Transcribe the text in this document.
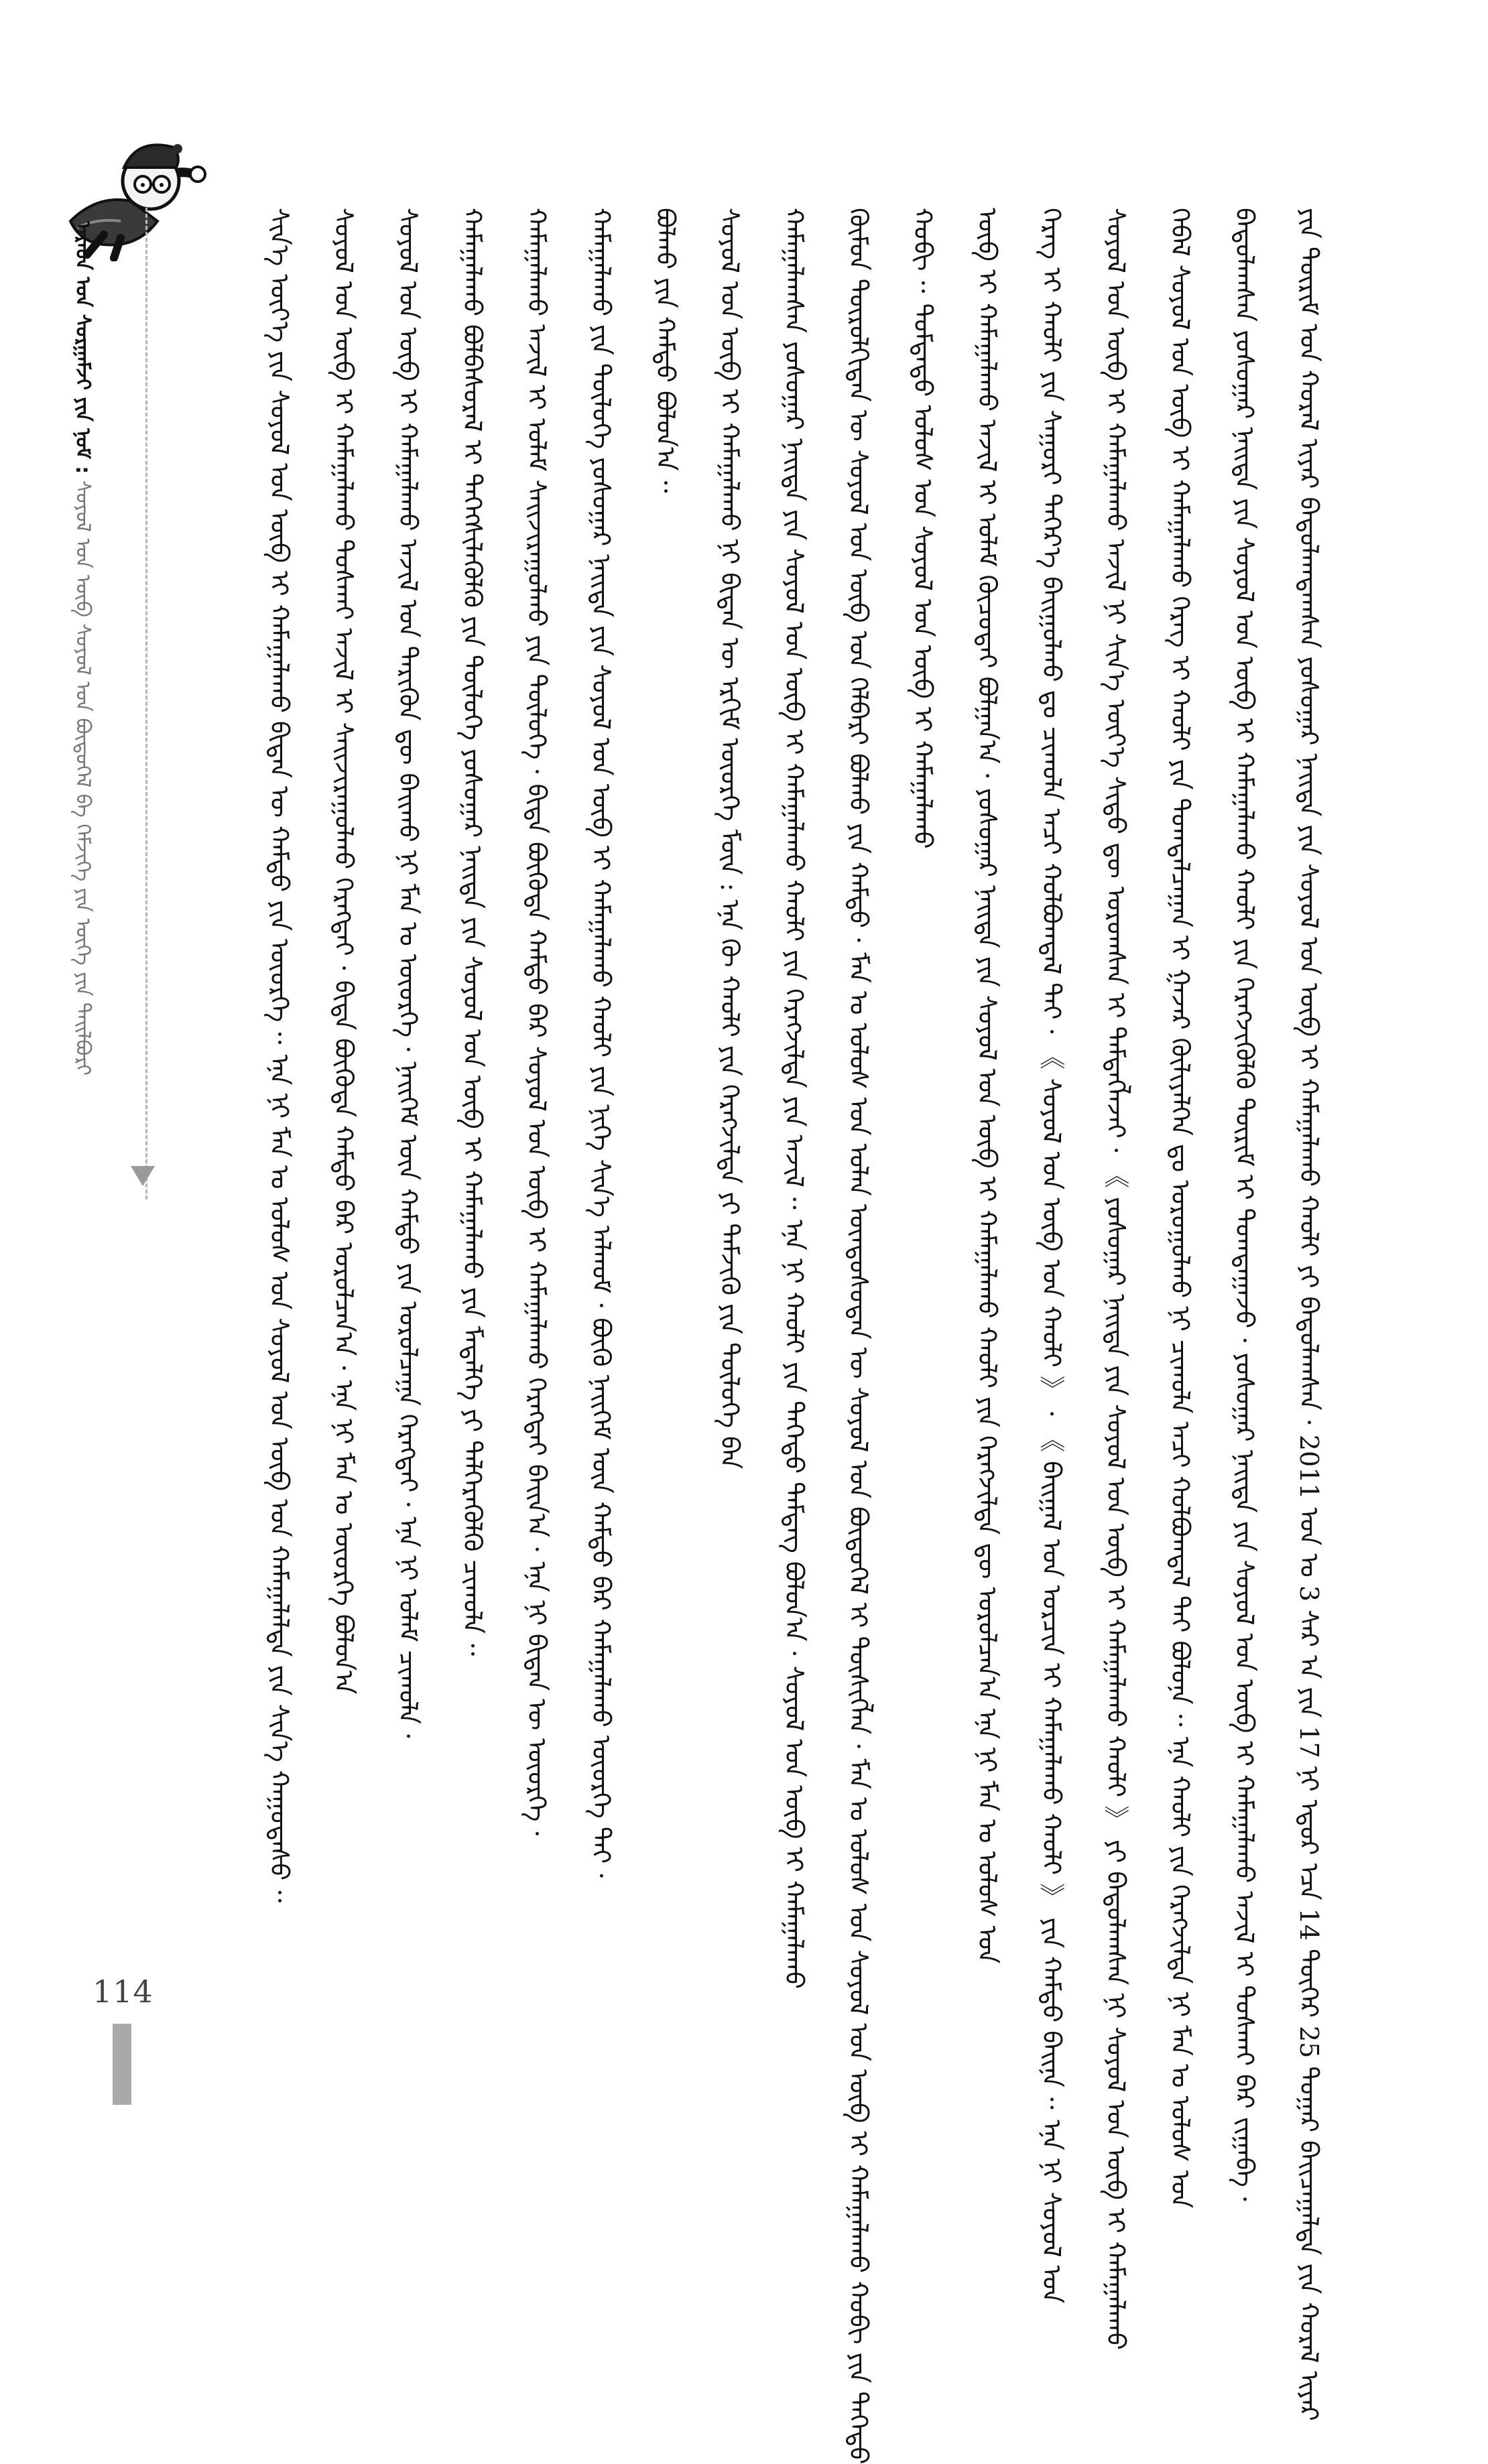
ᠠᠷᠠᠳ ᠤᠨ ᠰᠤᠷᠭᠠᠮᠵᠢ ᠶᠢᠨ ᠨᠣᠮ : ᠰᠣᠶᠣᠯ ᠤᠨ ᠥᠪ ᠰᠣᠶᠣᠯ ᠤᠨ ᠪᠦᠲᠦᠭᠡᠯ ᠪᠠ ᠬᠡᠮᠵᠢᠭᠡ ᠶᠢᠨ ᠦᠭᠡ ᠶᠢᠨ ᠲᠠᠢᠯᠪᠤᠷᠢ	ᠶᠢᠨ ᠳᠦᠷᠢᠮ ᠤᠨ ᠬᠤᠷᠠᠯ ᠢᠶᠠᠷ ᠪᠠᠲᠤᠯᠠᠭᠳᠠᠭᠰᠠᠨ ᠶᠣᠰᠤᠭᠠᠷ ᠨᠡᠢᠲᠡ ᠶᠢᠨ ᠰᠣᠶᠣᠯ ᠤᠨ ᠥᠪ ᠢ ᠬᠠᠮᠠᠭᠠᠯᠠᠬᠤ ᠬᠠᠤᠯᠢ ᠶᠢ ᠪᠠᠲᠤᠯᠠᠭᠰᠠᠨ · 2011 ᠣᠨ ᠤ 3 ᠰᠠᠷ ᠠ ᠶᠢᠨ 17 ᠨᠢ ᠡᠳᠦᠷ ᠡᠴᠡ 14 ᠳᠦᠭᠡᠷ 25 ᠳᠤᠭᠠᠷ ᠪᠠᠢᠴᠠᠭᠠᠯᠲᠠ ᠶᠢᠨ ᠬᠤᠷᠠᠯ ᠢᠶᠠᠷ
ᠪᠠᠲᠤᠯᠠᠭᠰᠠᠨ ᠶᠣᠰᠤᠭᠠᠷ ᠨᠡᠢᠲᠡ ᠶᠢᠨ ᠰᠣᠶᠣᠯ ᠤᠨ ᠥᠪ ᠢ ᠬᠠᠮᠠᠭᠠᠯᠠᠬᠤ ᠬᠠᠤᠯᠢ ᠶᠢᠨ ᠬᠡᠷᠡᠭᠵᠢᠭᠦᠯᠬᠦ ᠳᠦᠷᠢᠮ ᠢ ᠲᠣᠭᠲᠠᠭᠠᠵᠤ · ᠶᠣᠰᠤᠭᠠᠷ ᠨᠡᠢᠲᠡ ᠶᠢᠨ ᠰᠣᠶᠣᠯ ᠤᠨ ᠥᠪ ᠢ ᠬᠠᠮᠠᠭᠠᠯᠠᠬᠤ ᠠᠵᠢᠯ ᠢ ᠲᠤᠰᠬᠠᠢ ᠪᠡᠷ ᠵᠢᠭᠠᠪᠠ ·
ᠬᠡᠪᠡᠯ ᠰᠣᠶᠣᠯ ᠤᠨ ᠥᠪ ᠢ ᠬᠠᠮᠠᠭᠠᠯᠠᠬᠤ ᠬᠡᠷᠡᠭ ᠢ ᠬᠠᠤᠯᠢ ᠶᠢᠨ ᠲᠣᠭᠲᠠᠯᠴᠠᠭᠠᠨ ᠢ ᠭᠠᠵᠠᠷ ᠬᠦᠯᠢᠶᠡᠯᠭᠡᠨ ᠳᠤ ᠣᠷᠣᠭᠤᠯᠬᠤ ᠨᠢ ᠴᠢᠬᠤᠯᠠ ᠠᠴᠢ ᠬᠣᠯᠪᠣᠭᠳᠠᠯ ᠲᠠᠢ ᠪᠣᠯᠤᠨᠠ ·· ᠡᠨᠡ ᠬᠠᠤᠯᠢ ᠶᠢᠨ ᠬᠡᠷᠡᠭᠵᠢᠯᠲᠡ ᠨᠢ ᠮᠠᠨ ᠤ ᠤᠯᠤᠰ ᠤᠨ
ᠰᠣᠶᠣᠯ ᠤᠨ ᠥᠪ ᠢ ᠬᠠᠮᠠᠭᠠᠯᠠᠬᠤ ᠠᠵᠢᠯ ᠨᠢ ᠰᠢᠨ᠎ᠡ ᠦᠶ᠎ᠡ ᠰᠢᠲᠦ ᠳᠦ ᠣᠷᠣᠭᠰᠠᠨ ᠢ ᠲᠡᠮᠳᠡᠭᠯᠡᠵᠡᠢ · 《 ᠶᠣᠰᠤᠭᠠᠷ ᠨᠡᠢᠲᠡ ᠶᠢᠨ ᠰᠣᠶᠣᠯ ᠤᠨ ᠥᠪ ᠢ ᠬᠠᠮᠠᠭᠠᠯᠠᠬᠤ ᠬᠠᠤᠯᠢ 》 ᠶᠢ ᠪᠠᠲᠤᠯᠠᠭᠰᠠᠨ ᠨᠢ ᠰᠣᠶᠣᠯ ᠤᠨ ᠥᠪ ᠢ ᠬᠠᠮᠠᠭᠠᠯᠠᠬᠤ
ᠬᠡᠷᠡᠭ ᠢ ᠬᠠᠤᠯᠢ ᠶᠢᠨ ᠰᠠᠭᠤᠷᠢ ᠳᠡᠭᠡᠷ᠎ᠡ ᠪᠠᠢᠭᠤᠯᠬᠤ ᠳᠤ ᠴᠢᠬᠤᠯᠠ ᠠᠴᠢ ᠬᠣᠯᠪᠣᠭᠳᠠᠯ ᠲᠠᠢ · 《 ᠰᠣᠶᠣᠯ ᠤᠨ ᠥᠪ ᠤᠨ ᠬᠠᠤᠯᠢ 》 · 《 ᠪᠠᠢᠭᠠᠯ ᠤᠨ ᠣᠷᠴᠢᠨ ᠢ ᠬᠠᠮᠠᠭᠠᠯᠠᠬᠤ ᠬᠠᠤᠯᠢ 》 ᠶᠢᠨ ᠬᠠᠮᠲᠤ ᠪᠠᠢᠨᠠ ·· ᠡᠨᠡ ᠨᠢ ᠰᠣᠶᠣᠯ ᠤᠨ
ᠥᠪ ᠢ ᠬᠠᠮᠠᠭᠠᠯᠠᠬᠤ ᠠᠵᠢᠯ ᠢ ᠤᠯᠠᠮ ᠬᠦᠴᠦᠲᠡᠢ ᠪᠣᠯᠭᠠᠨ᠎ᠠ · ᠶᠣᠰᠤᠭᠠᠷ ᠨᠡᠢᠲᠡ ᠶᠢᠨ ᠰᠣᠶᠣᠯ ᠤᠨ ᠥᠪ ᠢ ᠬᠠᠮᠠᠭᠠᠯᠠᠬᠤ ᠬᠠᠤᠯᠢ ᠶᠢᠨ ᠬᠡᠷᠡᠭᠵᠢᠯᠲᠡ ᠳᠦ ᠣᠷᠣᠯᠴᠠᠨ᠎ᠠ ᠡᠨᠡ ᠨᠢ ᠮᠠᠨ ᠤ ᠤᠯᠤᠰ ᠤᠨ
ᠬᠤᠪᠢ ·· ᠳᠤᠮᠳᠠᠳᠤ ᠤᠯᠤᠰ ᠤᠨ ᠰᠣᠶᠣᠯ ᠤᠨ ᠥᠪ ᠢ ᠬᠠᠮᠠᠭᠠᠯᠠᠬᠤ
ᠬᠦᠮᠦᠨ ᠲᠥᠷᠥᠯᠬᠢᠲᠡᠨ ᠦ ᠰᠣᠶᠣᠯ ᠤᠨ ᠥᠪ ᠤᠨ ᠬᠡᠯᠪᠡᠷᠢ ᠪᠣᠯᠬᠤ ᠶᠢᠨ ᠬᠠᠮᠲᠤ · ᠮᠠᠨ ᠤ ᠤᠯᠤᠰ ᠤᠨ ᠣᠯᠠᠨ ᠦᠨᠳᠦᠰᠦᠲᠡᠨ ᠦ ᠰᠣᠶᠣᠯ ᠤᠨ ᠪᠦᠲᠦᠭᠡᠯ ᠢ ᠲᠦᠰᠢᠭᠯᠡᠨ · ᠮᠠᠨ ᠤ ᠤᠯᠤᠰ ᠤᠨ ᠰᠣᠶᠣᠯ ᠤᠨ ᠥᠪ ᠢ ᠬᠠᠮᠠᠭᠠᠯᠠᠬᠤ ᠬᠤᠪᠢ ᠶᠢᠨ ᠳᠡᠭᠡᠳᠦ
ᠬᠠᠮᠠᠭᠠᠯᠠᠭᠰᠠᠨ ᠶᠣᠰᠤᠭᠠᠷ ᠨᠡᠢᠲᠡ ᠶᠢᠨ ᠰᠣᠶᠣᠯ ᠤᠨ ᠥᠪ ᠢ ᠬᠠᠮᠠᠭᠠᠯᠠᠬᠤ ᠬᠠᠤᠯᠢ ᠶᠢᠨ ᠬᠡᠷᠡᠭᠵᠢᠯᠲᠡ ᠶᠢᠨ ᠠᠵᠢᠯ ·· ᠡᠨᠡ ᠨᠢ ᠬᠠᠤᠯᠢ ᠶᠢᠨ ᠳᠡᠭᠡᠳᠦ ᠲᠡᠮᠳᠡᠭ ᠪᠣᠯᠤᠨ᠎ᠠ · ᠰᠣᠶᠣᠯ ᠤᠨ ᠥᠪ ᠢ ᠬᠠᠮᠠᠭᠠᠯᠠᠬᠤ
ᠰᠣᠶᠣᠯ ᠤᠨ ᠥᠪ ᠢ ᠬᠠᠮᠠᠭᠠᠯᠠᠬᠤ ᠨᠢ ᠪᠢᠳᠡᠨ ᠦ ᠡᠷᠬᠢᠮ ᠦᠦᠷᠭᠡ ᠮᠥᠨ : ᠡᠨᠡ ᠬᠦ ᠬᠠᠤᠯᠢ ᠶᠢᠨ ᠬᠡᠷᠡᠭᠵᠢᠯᠲᠡ ᠶᠢ ᠳᠡᠮᠵᠢᠬᠦ ᠶᠢᠨ ᠲᠥᠯᠥᠭᠡ ᠪᠠᠨ
ᠪᠣᠯᠬᠤ ᠶᠢᠨ ᠬᠠᠮᠲᠤ ᠪᠣᠯᠤᠨ᠎ᠠ ··
ᠬᠠᠮᠠᠭᠠᠯᠠᠬᠤ ᠶᠢᠨ ᠲᠥᠯᠥᠭᠡ ᠶᠣᠰᠤᠭᠠᠷ ᠨᠡᠢᠲᠡ ᠶᠢᠨ ᠰᠣᠶᠣᠯ ᠤᠨ ᠥᠪ ᠢ ᠬᠠᠮᠠᠭᠠᠯᠠᠬᠤ ᠬᠠᠤᠯᠢ ᠶᠢᠨ ᠨᠢᠭᠡ ᠰᠢᠨ᠎ᠡ ᠠᠯᠬᠤᠮ · ᠪᠦᠬᠦ ᠨᠡᠢᠭᠡᠮ ᠦᠨ ᠬᠠᠮᠲᠤ ᠪᠠᠷ ᠬᠠᠮᠠᠭᠠᠯᠠᠬᠤ ᠦᠦᠷᠭᠡ ᠲᠠᠢ ·
ᠬᠠᠮᠠᠭᠠᠯᠠᠬᠤ ᠠᠵᠢᠯ ᠢ ᠤᠯᠠᠮ ᠰᠠᠢᠵᠢᠷᠠᠭᠤᠯᠬᠤ ᠶᠢᠨ ᠲᠥᠯᠥᠭᠡ · ᠪᠢᠳᠡ ᠪᠦᠬᠦᠳᠡ ᠬᠠᠮᠲᠤ ᠪᠠᠷ ᠰᠣᠶᠣᠯ ᠤᠨ ᠥᠪ ᠢ ᠬᠠᠮᠠᠭᠠᠯᠠᠬᠤ ᠬᠡᠷᠡᠭᠲᠡᠢ ᠪᠠᠢᠨ᠎ᠠ · ᠡᠨᠡ ᠨᠢ ᠪᠢᠳᠡᠨ ᠦ ᠦᠦᠷᠭᠡ ·
ᠬᠠᠮᠠᠭᠠᠯᠠᠬᠤ ᠪᠣᠯᠪᠠᠰᠤᠷᠠᠯ ᠢ ᠳᠡᠭᠡᠭᠰᠢᠯᠡᠭᠦᠯᠬᠦ ᠶᠢᠨ ᠲᠥᠯᠥᠭᠡ ᠶᠣᠰᠤᠭᠠᠷ ᠨᠡᠢᠲᠡ ᠶᠢᠨ ᠰᠣᠶᠣᠯ ᠤᠨ ᠥᠪ ᠢ ᠬᠠᠮᠠᠭᠠᠯᠠᠬᠤ ᠶᠢᠨ ᠮᠡᠳᠡᠯᠭᠡ ᠶᠢ ᠳᠡᠯᠭᠡᠷᠡᠭᠦᠯᠬᠦ ᠴᠢᠬᠤᠯᠠ ··
ᠰᠣᠶᠣᠯ ᠤᠨ ᠥᠪ ᠢ ᠬᠠᠮᠠᠭᠠᠯᠠᠬᠤ ᠠᠵᠢᠯ ᠤᠨ ᠲᠡᠷᠢᠭᠦᠨ ᠳᠦ ᠪᠠᠢᠬᠤ ᠨᠢ ᠮᠠᠨ ᠤ ᠦᠦᠷᠭᠡ · ᠨᠡᠢᠭᠡᠮ ᠦᠨ ᠬᠠᠮᠲᠤ ᠶᠢᠨ ᠣᠷᠣᠯᠴᠠᠭᠠ ᠬᠡᠷᠡᠭᠲᠡᠢ · ᠡᠨᠡ ᠨᠢ ᠤᠯᠠᠮ ᠴᠢᠬᠤᠯᠠ ·
ᠰᠣᠶᠣᠯ ᠤᠨ ᠥᠪ ᠢ ᠬᠠᠮᠠᠭᠠᠯᠠᠬᠤ ᠲᠤᠰᠬᠠᠢ ᠠᠵᠢᠯ ᠢ ᠰᠠᠢᠵᠢᠷᠠᠭᠤᠯᠬᠤ ᠬᠡᠷᠡᠭᠲᠡᠢ · ᠪᠢᠳᠡ ᠪᠦᠬᠦᠳᠡ ᠬᠠᠮᠲᠤ ᠪᠠᠷ ᠣᠷᠣᠯᠴᠠᠨ᠎ᠠ · ᠡᠨᠡ ᠨᠢ ᠮᠠᠨ ᠤ ᠦᠦᠷᠭᠡ ᠪᠣᠯᠤᠨ᠎ᠠ
ᠰᠢᠨ᠎ᠡ ᠦᠶ᠎ᠡ ᠶᠢᠨ ᠰᠣᠶᠣᠯ ᠤᠨ ᠥᠪ ᠢ ᠬᠠᠮᠠᠭᠠᠯᠠᠬᠤ ᠪᠢᠳᠡᠨ ᠦ ᠬᠠᠮᠲᠤ ᠶᠢᠨ ᠦᠦᠷᠭᠡ ·· ᠡᠨᠡ ᠨᠢ ᠮᠠᠨ ᠤ ᠤᠯᠤᠰ ᠤᠨ ᠰᠣᠶᠣᠯ ᠤᠨ ᠥᠪ ᠤᠨ ᠬᠠᠮᠠᠭᠠᠯᠠᠯᠲᠠ ᠶᠢᠨ ᠰᠢᠨ᠎ᠡ ᠬᠠᠭᠤᠳᠠᠰᠤ ··
114
